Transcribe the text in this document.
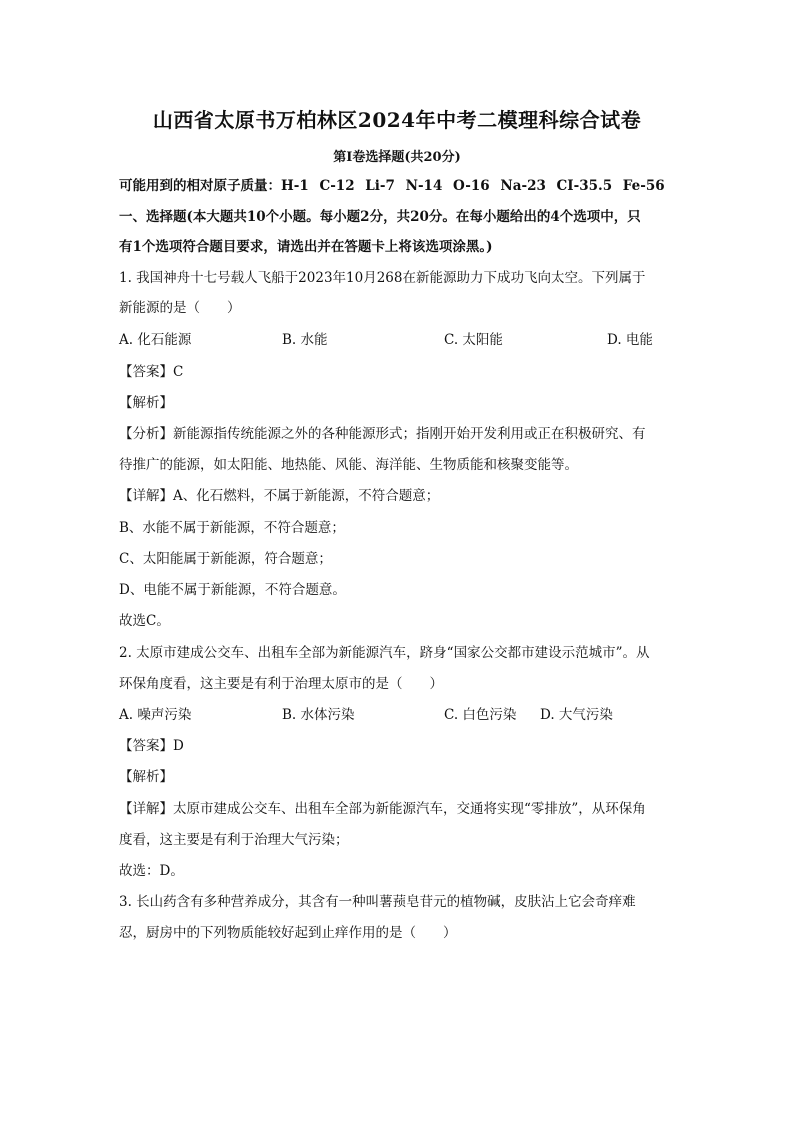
山西省太原书万柏林区2024年中考二模理科综合试卷
第Ⅰ卷选择题(共20分)
可能用到的相对原子质量：H-1 C-12 Li-7 N-14 O-16 Na-23 CI-35.5 Fe-56
一、选择题(本大题共10个小题。每小题2分，共20分。在每小题给出的4个选项中，只
有1个选项符合题目要求，请选出并在答题卡上将该选项涂黑。)
1. 我国神舟十七号载人飞船于2023年10月268在新能源助力下成功飞向太空。下列属于
新能源的是（　　）
A. 化石能源	B. 水能	C. 太阳能	D. 电能
【答案】C
【解析】
【分析】新能源指传统能源之外的各种能源形式；指刚开始开发利用或正在积极研究、有
待推广的能源，如太阳能、地热能、风能、海洋能、生物质能和核聚变能等。
【详解】A、化石燃料，不属于新能源，不符合题意；
B、水能不属于新能源，不符合题意；
C、太阳能属于新能源，符合题意；
D、电能不属于新能源，不符合题意。
故选C。
2. 太原市建成公交车、出租车全部为新能源汽车，跻身“国家公交都市建设示范城市”。从
环保角度看，这主要是有利于治理太原市的是（　　）
A. 噪声污染	B. 水体污染	C. 白色污染 D. 大气污染
【答案】D
【解析】
【详解】太原市建成公交车、出租车全部为新能源汽车，交通将实现“零排放”，从环保角
度看，这主要是有利于治理大气污染；
故选：D。
3. 长山药含有多种营养成分，其含有一种叫薯蓣皂苷元的植物碱，皮肤沾上它会奇痒难
忍，厨房中的下列物质能较好起到止痒作用的是（　　）
